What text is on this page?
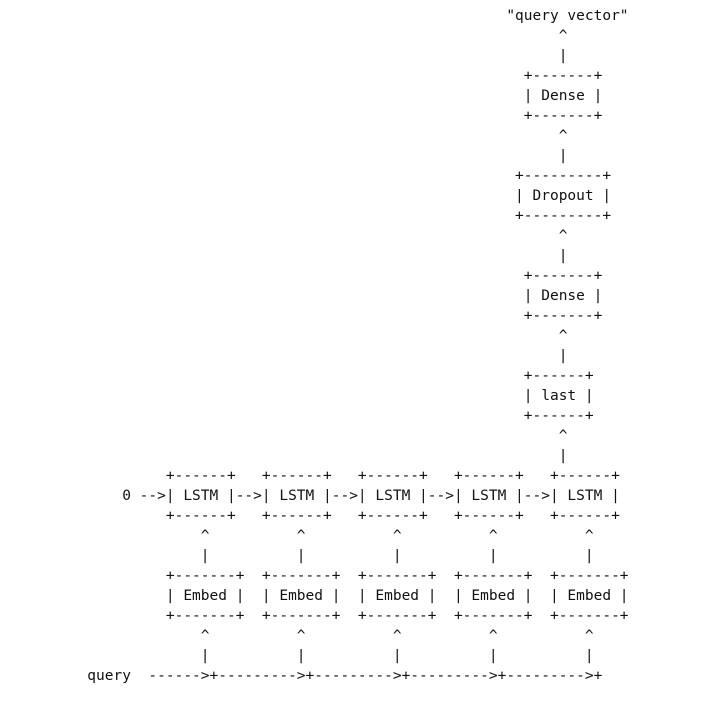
"query vector"
^
|
+-------+
| Dense |
+-------+
^
|
+---------+
| Dropout |
+---------+
^
|
+-------+
| Dense |
+-------+
^
|
+------+
| last |
+------+
^
|
+------+   +------+   +------+   +------+   +------+
0 -->| LSTM |-->| LSTM |-->| LSTM |-->| LSTM |-->| LSTM |
+------+   +------+   +------+   +------+   +------+
^          ^          ^          ^          ^
|          |          |          |          |
+-------+  +-------+  +-------+  +-------+  +-------+
| Embed |  | Embed |  | Embed |  | Embed |  | Embed |
+-------+  +-------+  +-------+  +-------+  +-------+
^          ^          ^          ^          ^
|          |          |          |          |
query  ------>+--------->+--------->+--------->+--------->+
